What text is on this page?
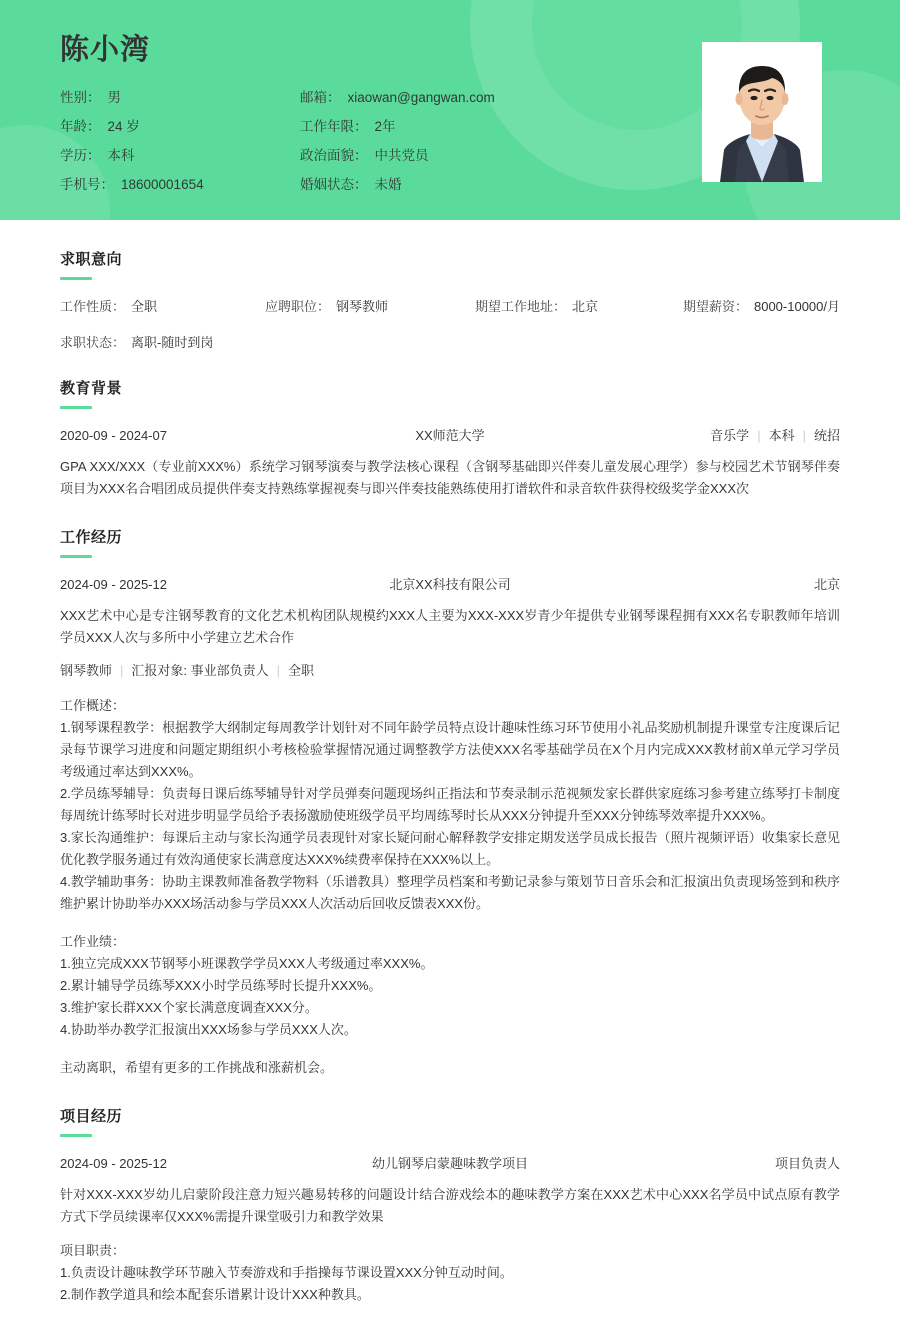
陈小湾
性别： 男	邮箱： xiaowan@gangwan.com
年龄： 24 岁	工作年限： 2年
学历： 本科	政治面貌： 中共党员
手机号： 18600001654	婚姻状态： 未婚
求职意向
工作性质： 全职	应聘职位： 钢琴教师	期望工作地址： 北京	期望薪资： 8000-10000/月
求职状态： 离职-随时到岗
教育背景
2020-09 - 2024-07	XX师范大学	音乐学 | 本科 | 统招
GPA XXX/XXX（专业前XXX%）系统学习钢琴演奏与教学法核心课程（含钢琴基础即兴伴奏儿童发展心理学）参与校园艺术节钢琴伴奏项目为XXX名合唱团成员提供伴奏支持熟练掌握视奏与即兴伴奏技能熟练使用打谱软件和录音软件获得校级奖学金XXX次
工作经历
2024-09 - 2025-12	北京XX科技有限公司	北京
XXX艺术中心是专注钢琴教育的文化艺术机构团队规模约XXX人主要为XXX-XXX岁青少年提供专业钢琴课程拥有XXX名专职教师年培训学员XXX人次与多所中小学建立艺术合作
钢琴教师 | 汇报对象: 事业部负责人 | 全职
工作概述：
1.钢琴课程教学：根据教学大纲制定每周教学计划针对不同年龄学员特点设计趣味性练习环节使用小礼品奖励机制提升课堂专注度课后记录每节课学习进度和问题定期组织小考核检验掌握情况通过调整教学方法使XXX名零基础学员在X个月内完成XXX教材前X单元学习学员考级通过率达到XXX%。
2.学员练琴辅导：负责每日课后练琴辅导针对学员弹奏问题现场纠正指法和节奏录制示范视频发家长群供家庭练习参考建立练琴打卡制度每周统计练琴时长对进步明显学员给予表扬激励使班级学员平均周练琴时长从XXX分钟提升至XXX分钟练琴效率提升XXX%。
3.家长沟通维护：每课后主动与家长沟通学员表现针对家长疑问耐心解释教学安排定期发送学员成长报告（照片视频评语）收集家长意见优化教学服务通过有效沟通使家长满意度达XXX%续费率保持在XXX%以上。
4.教学辅助事务：协助主课教师准备教学物料（乐谱教具）整理学员档案和考勤记录参与策划节日音乐会和汇报演出负责现场签到和秩序维护累计协助举办XXX场活动参与学员XXX人次活动后回收反馈表XXX份。
工作业绩：
1.独立完成XXX节钢琴小班课教学学员XXX人考级通过率XXX%。
2.累计辅导学员练琴XXX小时学员练琴时长提升XXX%。
3.维护家长群XXX个家长满意度调查XXX分。
4.协助举办教学汇报演出XXX场参与学员XXX人次。
主动离职，希望有更多的工作挑战和涨薪机会。
项目经历
2024-09 - 2025-12	幼儿钢琴启蒙趣味教学项目	项目负责人
针对XXX-XXX岁幼儿启蒙阶段注意力短兴趣易转移的问题设计结合游戏绘本的趣味教学方案在XXX艺术中心XXX名学员中试点原有教学方式下学员续课率仅XXX%需提升课堂吸引力和教学效果
项目职责：
1.负责设计趣味教学环节融入节奏游戏和手指操每节课设置XXX分钟互动时间。
2.制作教学道具和绘本配套乐谱累计设计XXX种教具。
